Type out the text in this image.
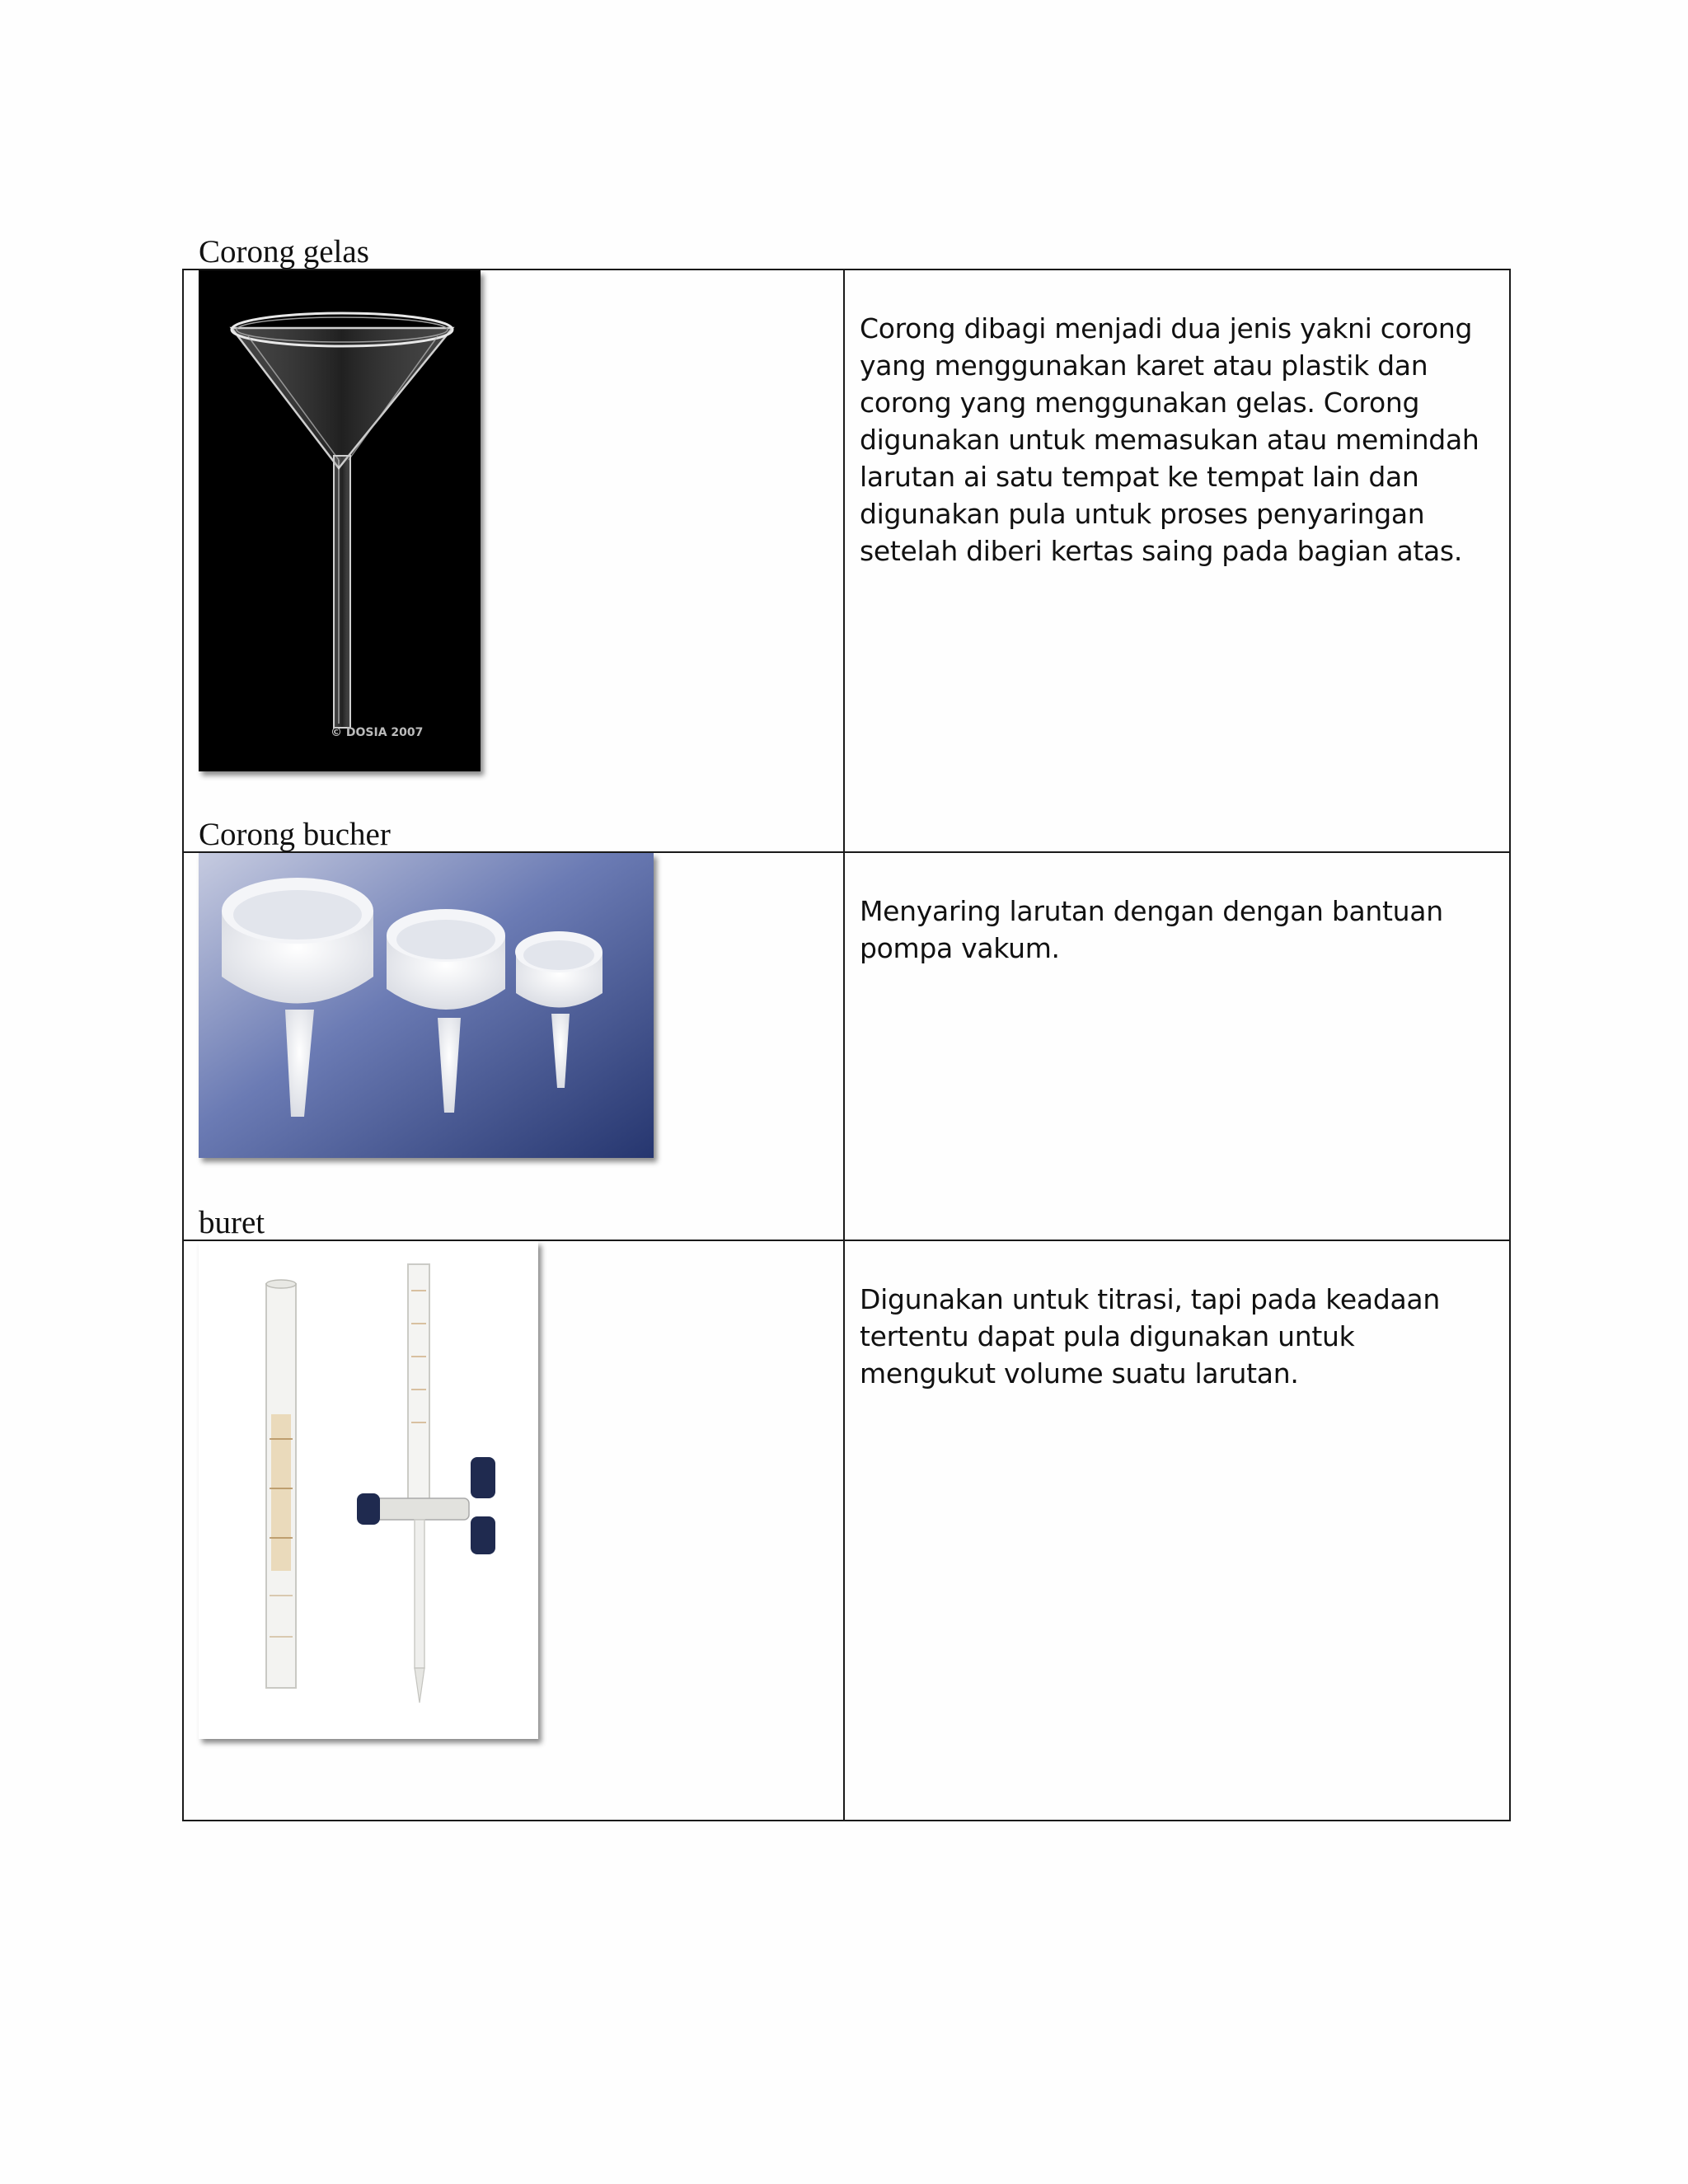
© DOSIA 2007
Corong gelas	Corong dibagi menjadi dua jenis yakni corong yang menggunakan karet atau plastik dan corong yang menggunakan gelas. Corong digunakan untuk memasukan atau memindah larutan ai satu tempat ke tempat lain dan digunakan pula untuk proses penyaringan setelah diberi kertas saing pada bagian atas.

Corong bucher	Menyaring larutan dengan dengan bantuan pompa vakum.

buret	Digunakan untuk titrasi, tapi pada keadaan tertentu dapat pula digunakan untuk mengukut volume suatu larutan.
